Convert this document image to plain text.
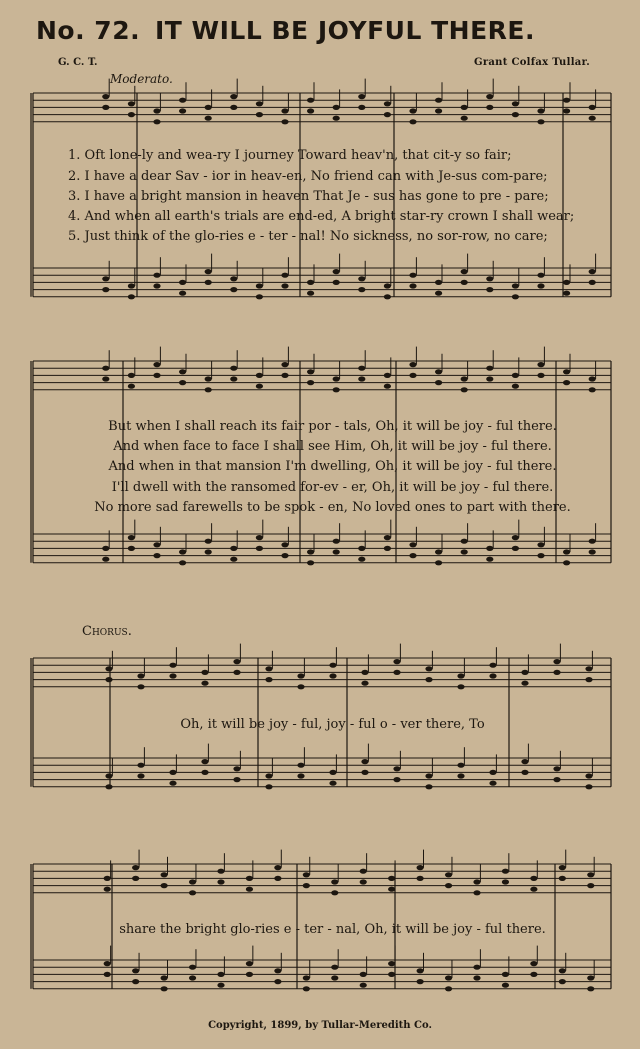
No. 72. IT WILL BE JOYFUL THERE.
G. C. T.	Grant Colfax Tullar.
Moderato.
1. Oft lone-ly and wea-ry I journey Toward heav'n, that cit-y so fair;
2. I have a dear Sav - ior in heav-en, No friend can with Je-sus com-pare;
3. I have a bright mansion in heaven That Je - sus has gone to pre - pare;
4. And when all earth's trials are end-ed, A bright star-ry crown I shall wear;
5. Just think of the glo-ries e - ter - nal! No sickness, no sor-row, no care;
But when I shall reach its fair por - tals, Oh, it will be joy - ful there.
And when face to face I shall see Him, Oh, it will be joy - ful there.
And when in that mansion I'm dwelling, Oh, it will be joy - ful there.
I'll dwell with the ransomed for-ev - er, Oh, it will be joy - ful there.
No more sad farewells to be spok - en, No loved ones to part with there.
Chorus.
Oh, it will be joy - ful, joy - ful o - ver there, To
share the bright glo-ries e - ter - nal, Oh, it will be joy - ful there.
Copyright, 1899, by Tullar-Meredith Co.
